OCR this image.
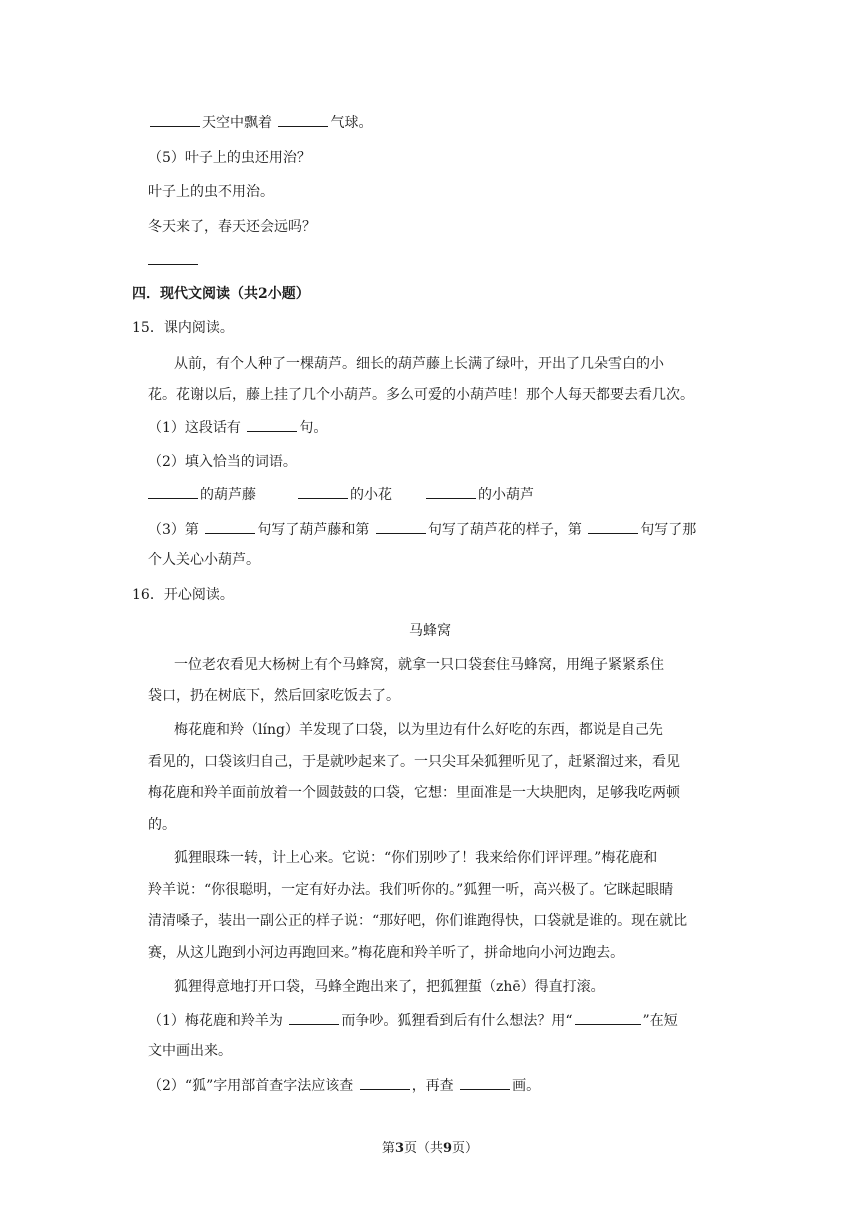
天空中飘着	气球。
（5）叶子上的虫还用治？
叶子上的虫不用治。
冬天来了，春天还会远吗？
四．现代文阅读（共2小题）
15．课内阅读。
从前，有个人种了一棵葫芦。细长的葫芦藤上长满了绿叶，开出了几朵雪白的小
花。花谢以后，藤上挂了几个小葫芦。多么可爱的小葫芦哇！那个人每天都要去看几次。
（1）这段话有	句。
（2）填入恰当的词语。
的葫芦藤	的小花	的小葫芦
（3）第	句写了葫芦藤和第	句写了葫芦花的样子，第	句写了那
个人关心小葫芦。
16．开心阅读。
马蜂窝
一位老农看见大杨树上有个马蜂窝，就拿一只口袋套住马蜂窝，用绳子紧紧系住
袋口，扔在树底下，然后回家吃饭去了。
梅花鹿和羚（líng）羊发现了口袋，以为里边有什么好吃的东西，都说是自己先
看见的，口袋该归自己，于是就吵起来了。一只尖耳朵狐狸听见了，赶紧溜过来，看见
梅花鹿和羚羊面前放着一个圆鼓鼓的口袋，它想：里面准是一大块肥肉，足够我吃两顿
的。
狐狸眼珠一转，计上心来。它说：“你们别吵了！我来给你们评评理。”梅花鹿和
羚羊说：“你很聪明，一定有好办法。我们听你的。”狐狸一听，高兴极了。它眯起眼睛
清清嗓子，装出一副公正的样子说：“那好吧，你们谁跑得快，口袋就是谁的。现在就比
赛，从这儿跑到小河边再跑回来。”梅花鹿和羚羊听了，拼命地向小河边跑去。
狐狸得意地打开口袋，马蜂全跑出来了，把狐狸蜇（zhē）得直打滚。
（1）梅花鹿和羚羊为	而争吵。狐狸看到后有什么想法？用“	”在短
文中画出来。
（2）“狐”字用部首查字法应该查	，再查	画。
第3页（共9页）
